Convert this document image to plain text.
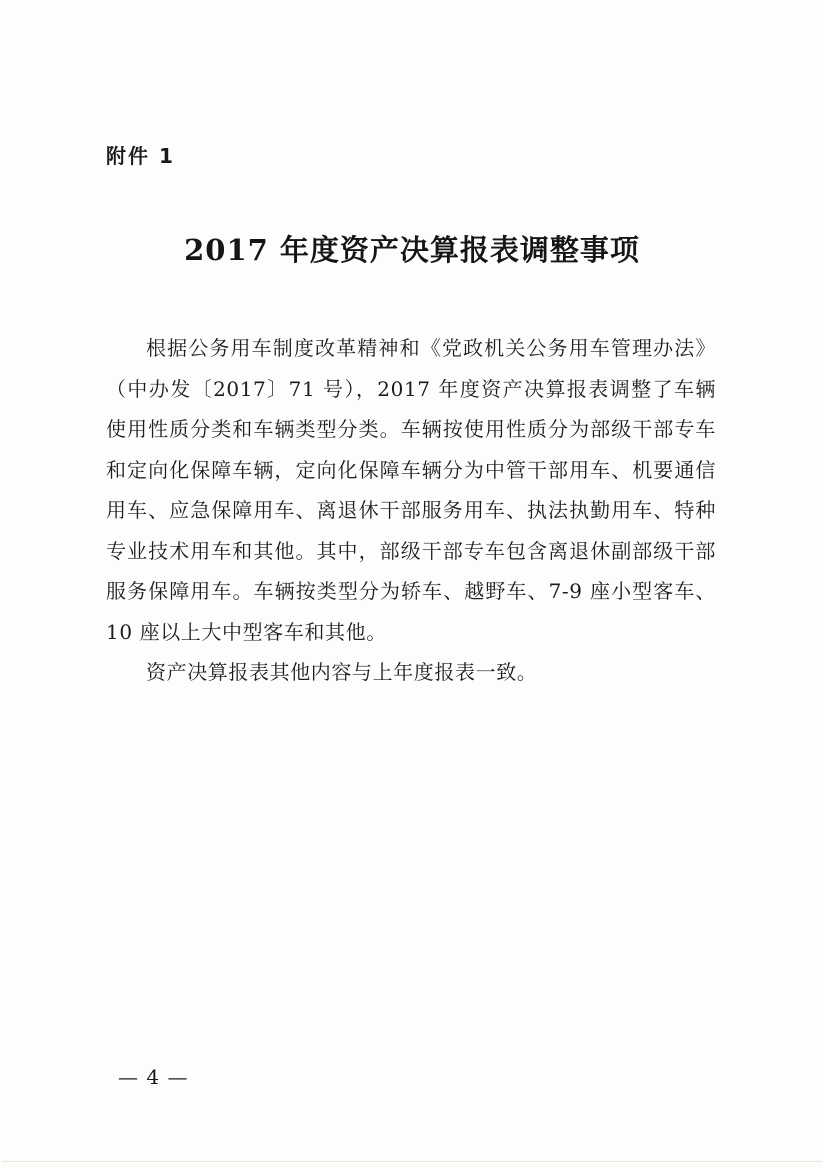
附件 1
2017 年度资产决算报表调整事项

根据公务用车制度改革精神和《党政机关公务用车管理办法》（中办发〔2017〕71 号），2017 年度资产决算报表调整了车辆使用性质分类和车辆类型分类。车辆按使用性质分为部级干部专车和定向化保障车辆，定向化保障车辆分为中管干部用车、机要通信用车、应急保障用车、离退休干部服务用车、执法执勤用车、特种专业技术用车和其他。其中，部级干部专车包含离退休副部级干部服务保障用车。车辆按类型分为轿车、越野车、7-9 座小型客车、10 座以上大中型客车和其他。

资产决算报表其他内容与上年度报表一致。

— 4 —
